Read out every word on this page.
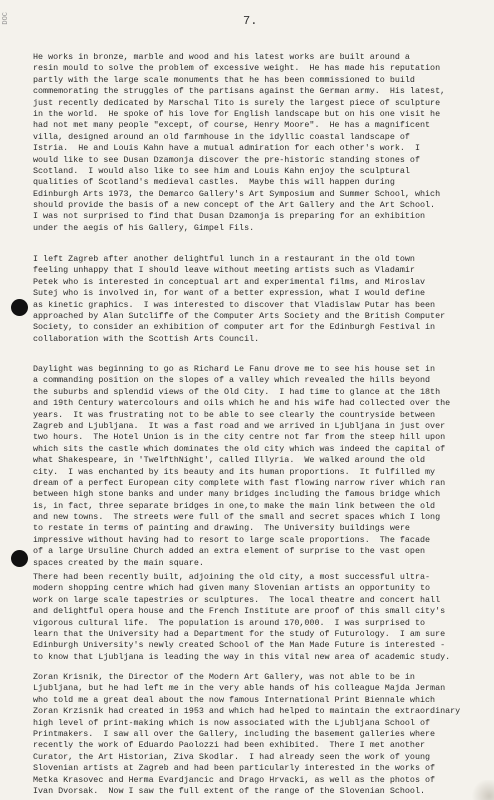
DOC	7.
He works in bronze, marble and wood and his latest works are built around a
resin mould to solve the problem of excessive weight.  He has made his reputation
partly with the large scale monuments that he has been commissioned to build
commemorating the struggles of the partisans against the German army.  His latest,
just recently dedicated by Marschal Tito is surely the largest piece of sculpture
in the world.  He spoke of his love for English landscape but on his one visit he
had not met many people "except, of course, Henry Moore".  He has a magnificent
villa, designed around an old farmhouse in the idyllic coastal landscape of
Istria.  He and Louis Kahn have a mutual admiration for each other's work.  I
would like to see Dusan Dzamonja discover the pre-historic standing stones of
Scotland.  I would also like to see him and Louis Kahn enjoy the sculptural
qualities of Scotland's medieval castles.  Maybe this will happen during
Edinburgh Arts 1973, the Demarco Gallery's Art Symposium and Summer School, which
should provide the basis of a new concept of the Art Gallery and the Art School.
I was not surprised to find that Dusan Dzamonja is preparing for an exhibition
under the aegis of his Gallery, Gimpel Fils.
I left Zagreb after another delightful lunch in a restaurant in the old town
feeling unhappy that I should leave without meeting artists such as Vladamir
Petek who is interested in conceptual art and experimental films, and Miroslav
Sutej who is involved in, for want of a better expression, what I would define
as kinetic graphics.  I was interested to discover that Vladislaw Putar has been
approached by Alan Sutcliffe of the Computer Arts Society and the British Computer
Society, to consider an exhibition of computer art for the Edinburgh Festival in
collaboration with the Scottish Arts Council.
Daylight was beginning to go as Richard Le Fanu drove me to see his house set in
a commanding position on the slopes of a valley which revealed the hills beyond
the suburbs and splendid views of the Old City.  I had time to glance at the 18th
and 19th Century watercolours and oils which he and his wife had collected over the
years.  It was frustrating not to be able to see clearly the countryside between
Zagreb and Ljubljana.  It was a fast road and we arrived in Ljubljana in just over
two hours.  The Hotel Union is in the city centre not far from the steep hill upon
which sits the castle which dominates the old city which was indeed the capital of
what Shakespeare, in 'TwelfthNight', called Illyria.  We walked around the old
city.  I was enchanted by its beauty and its human proportions.  It fulfilled my
dream of a perfect European city complete with fast flowing narrow river which ran
between high stone banks and under many bridges including the famous bridge which
is, in fact, three separate bridges in one,to make the main link between the old
and new towns.  The streets were full of the small and secret spaces which I long
to restate in terms of painting and drawing.  The University buildings were
impressive without having had to resort to large scale proportions.  The facade
of a large Ursuline Church added an extra element of surprise to the vast open
spaces created by the main square.
There had been recently built, adjoining the old city, a most successful ultra-
modern shopping centre which had given many Slovenian artists an opportunity to
work on large scale tapestries or sculptures.  The local theatre and concert hall
and delightful opera house and the French Institute are proof of this small city's
vigorous cultural life.  The population is around 170,000.  I was surprised to
learn that the University had a Department for the study of Futurology.  I am sure
Edinburgh University's newly created School of the Man Made Future is interested -
to know that Ljubljana is leading the way in this vital new area of academic study.
Zoran Krisnik, the Director of the Modern Art Gallery, was not able to be in
Ljubljana, but he had left me in the very able hands of his colleague Majda Jerman
who told me a great deal about the now famous International Print Biennale which
Zoran Krzisnik had created in 1953 and which had helped to maintain the extraordinary
high level of print-making which is now associated with the Ljubljana School of
Printmakers.  I saw all over the Gallery, including the basement galleries where
recently the work of Eduardo Paolozzi had been exhibited.  There I met another
Curator, the Art Historian, Ziva Skodlar.  I had already seen the work of young
Slovenian artists at Zagreb and had been particularly interested in the works of
Metka Krasovec and Herma Evardjancic and Drago Hrvacki, as well as the photos of
Ivan Dvorsak.  Now I saw the full extent of the range of the Slovenian School.
